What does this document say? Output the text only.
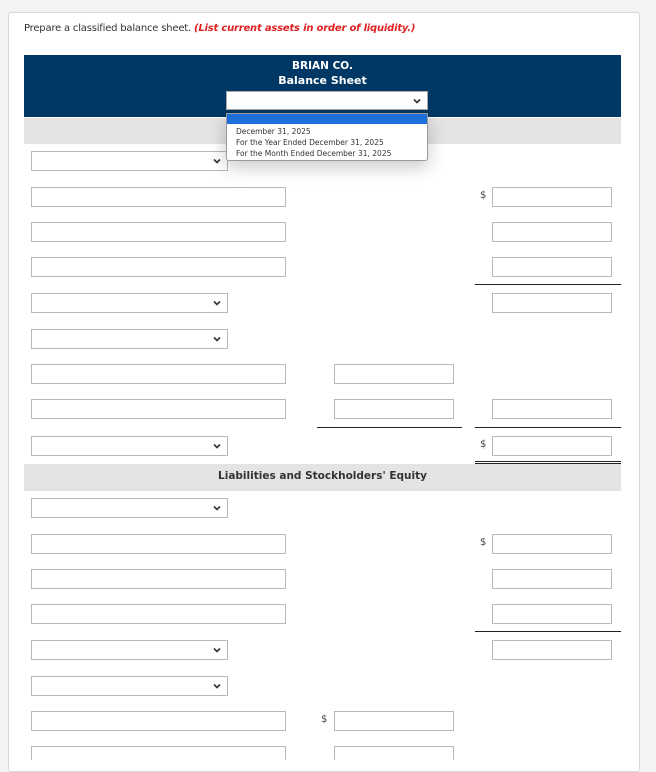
Prepare a classified balance sheet. (List current assets in order of liquidity.)
BRIAN CO.
Balance Sheet
December 31, 2025
For the Year Ended December 31, 2025
For the Month Ended December 31, 2025
Liabilities and Stockholders' Equity
$
$
$
$
